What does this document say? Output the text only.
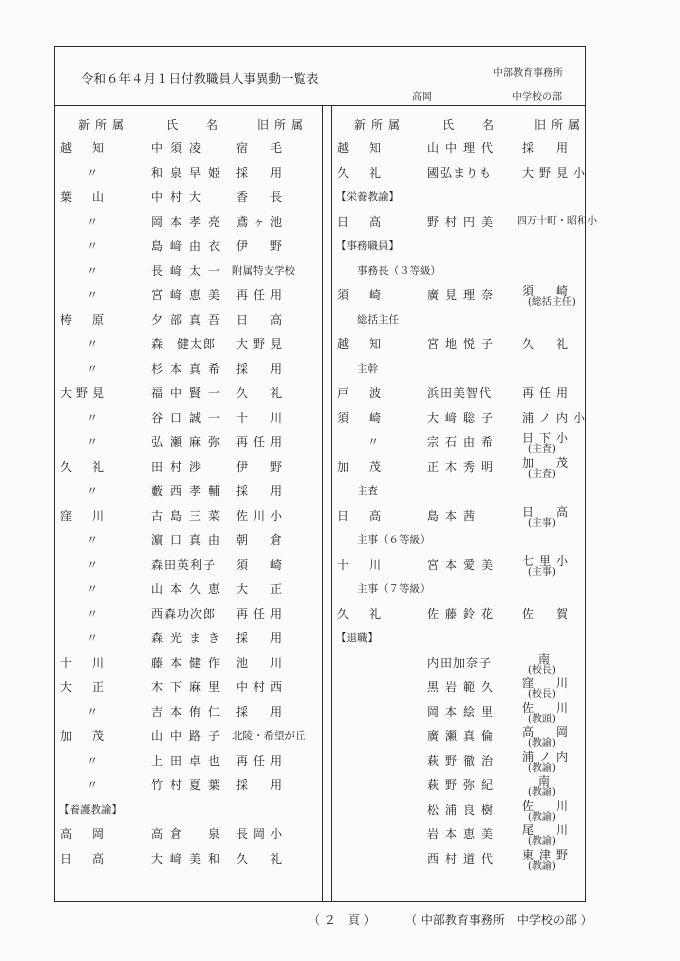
令和６年４月１日付教職員人事異動一覧表	中部教育事務所
高岡	中学校の部
新所属	氏　名	旧所属	新所属	氏　名	旧所属
越　知	中須凌 宿　毛
〃	和泉早姫 採　用
葉　山	中村大 香　長
〃	岡本孝亮 鳶ヶ池
〃	島﨑由衣 伊　野
〃	長﨑太一 附属特支学校
〃	宮﨑恵美 再任用
梼　原	夕部真吾 日　高
〃	森　健太郎 大野見
〃	杉本真希 採　用
大野見	福中賢一 久　礼
〃	谷口誠一 十　川
〃	弘瀬麻弥 再任用
久　礼	田村渉 伊　野
〃	藪西孝輔 採　用
窪　川	古島三菜 佐川小
〃	濵口真由 朝　倉
〃	森田英利子 須　崎
〃	山本久恵 大　正
〃	西森功次郎 再任用
〃	森光まき 採　用
十　川	藤本健作 池　川
大　正	木下麻里 中村西
〃	吉本侑仁 採　用
加　茂	山中路子 北陵・希望が丘
〃	上田卓也 再任用
〃	竹村夏葉 採　用
【養護教諭】
高　岡	高倉　泉 長岡小
日　高	大﨑美和 久　礼
越　知	山中理代 採　用
久　礼	國弘まりも 大野見小
【栄養教諭】
日　高	野村円美 四万十町・昭和小
【事務職員】
事務長（３等級）
須　崎	廣見理奈 須　崎
(総括主任)
総括主任
越　知	宮地悦子 久　礼
主幹
戸　波	浜田美智代 再任用
須　崎	大﨑聡子 浦ノ内小
〃	宗石由希 日下小
(主査)
加　茂	正木秀明 加　茂
(主査)
主査
日　高	島本茜	日　高
(主事)
主事（６等級）
十　川	宮本愛美 七里小
(主事)
主事（７等級）
久　礼	佐藤鈴花 佐　賀
【退職】
内田加奈子	南
(校長)
黒岩範久 窪　川
(校長)
岡本絵里 佐　川
(教頭)
廣瀬真倫 高　岡
(教諭)
萩野徹治 浦ノ内
(教諭)
萩野弥紀	南
(教諭)
松浦良樹 佐　川
(教諭)
岩本恵美 尾　川
(教諭)
西村道代 東津野
(教諭)
（ ２　頁 ） （ 中部教育事務所　中学校の部 ）
